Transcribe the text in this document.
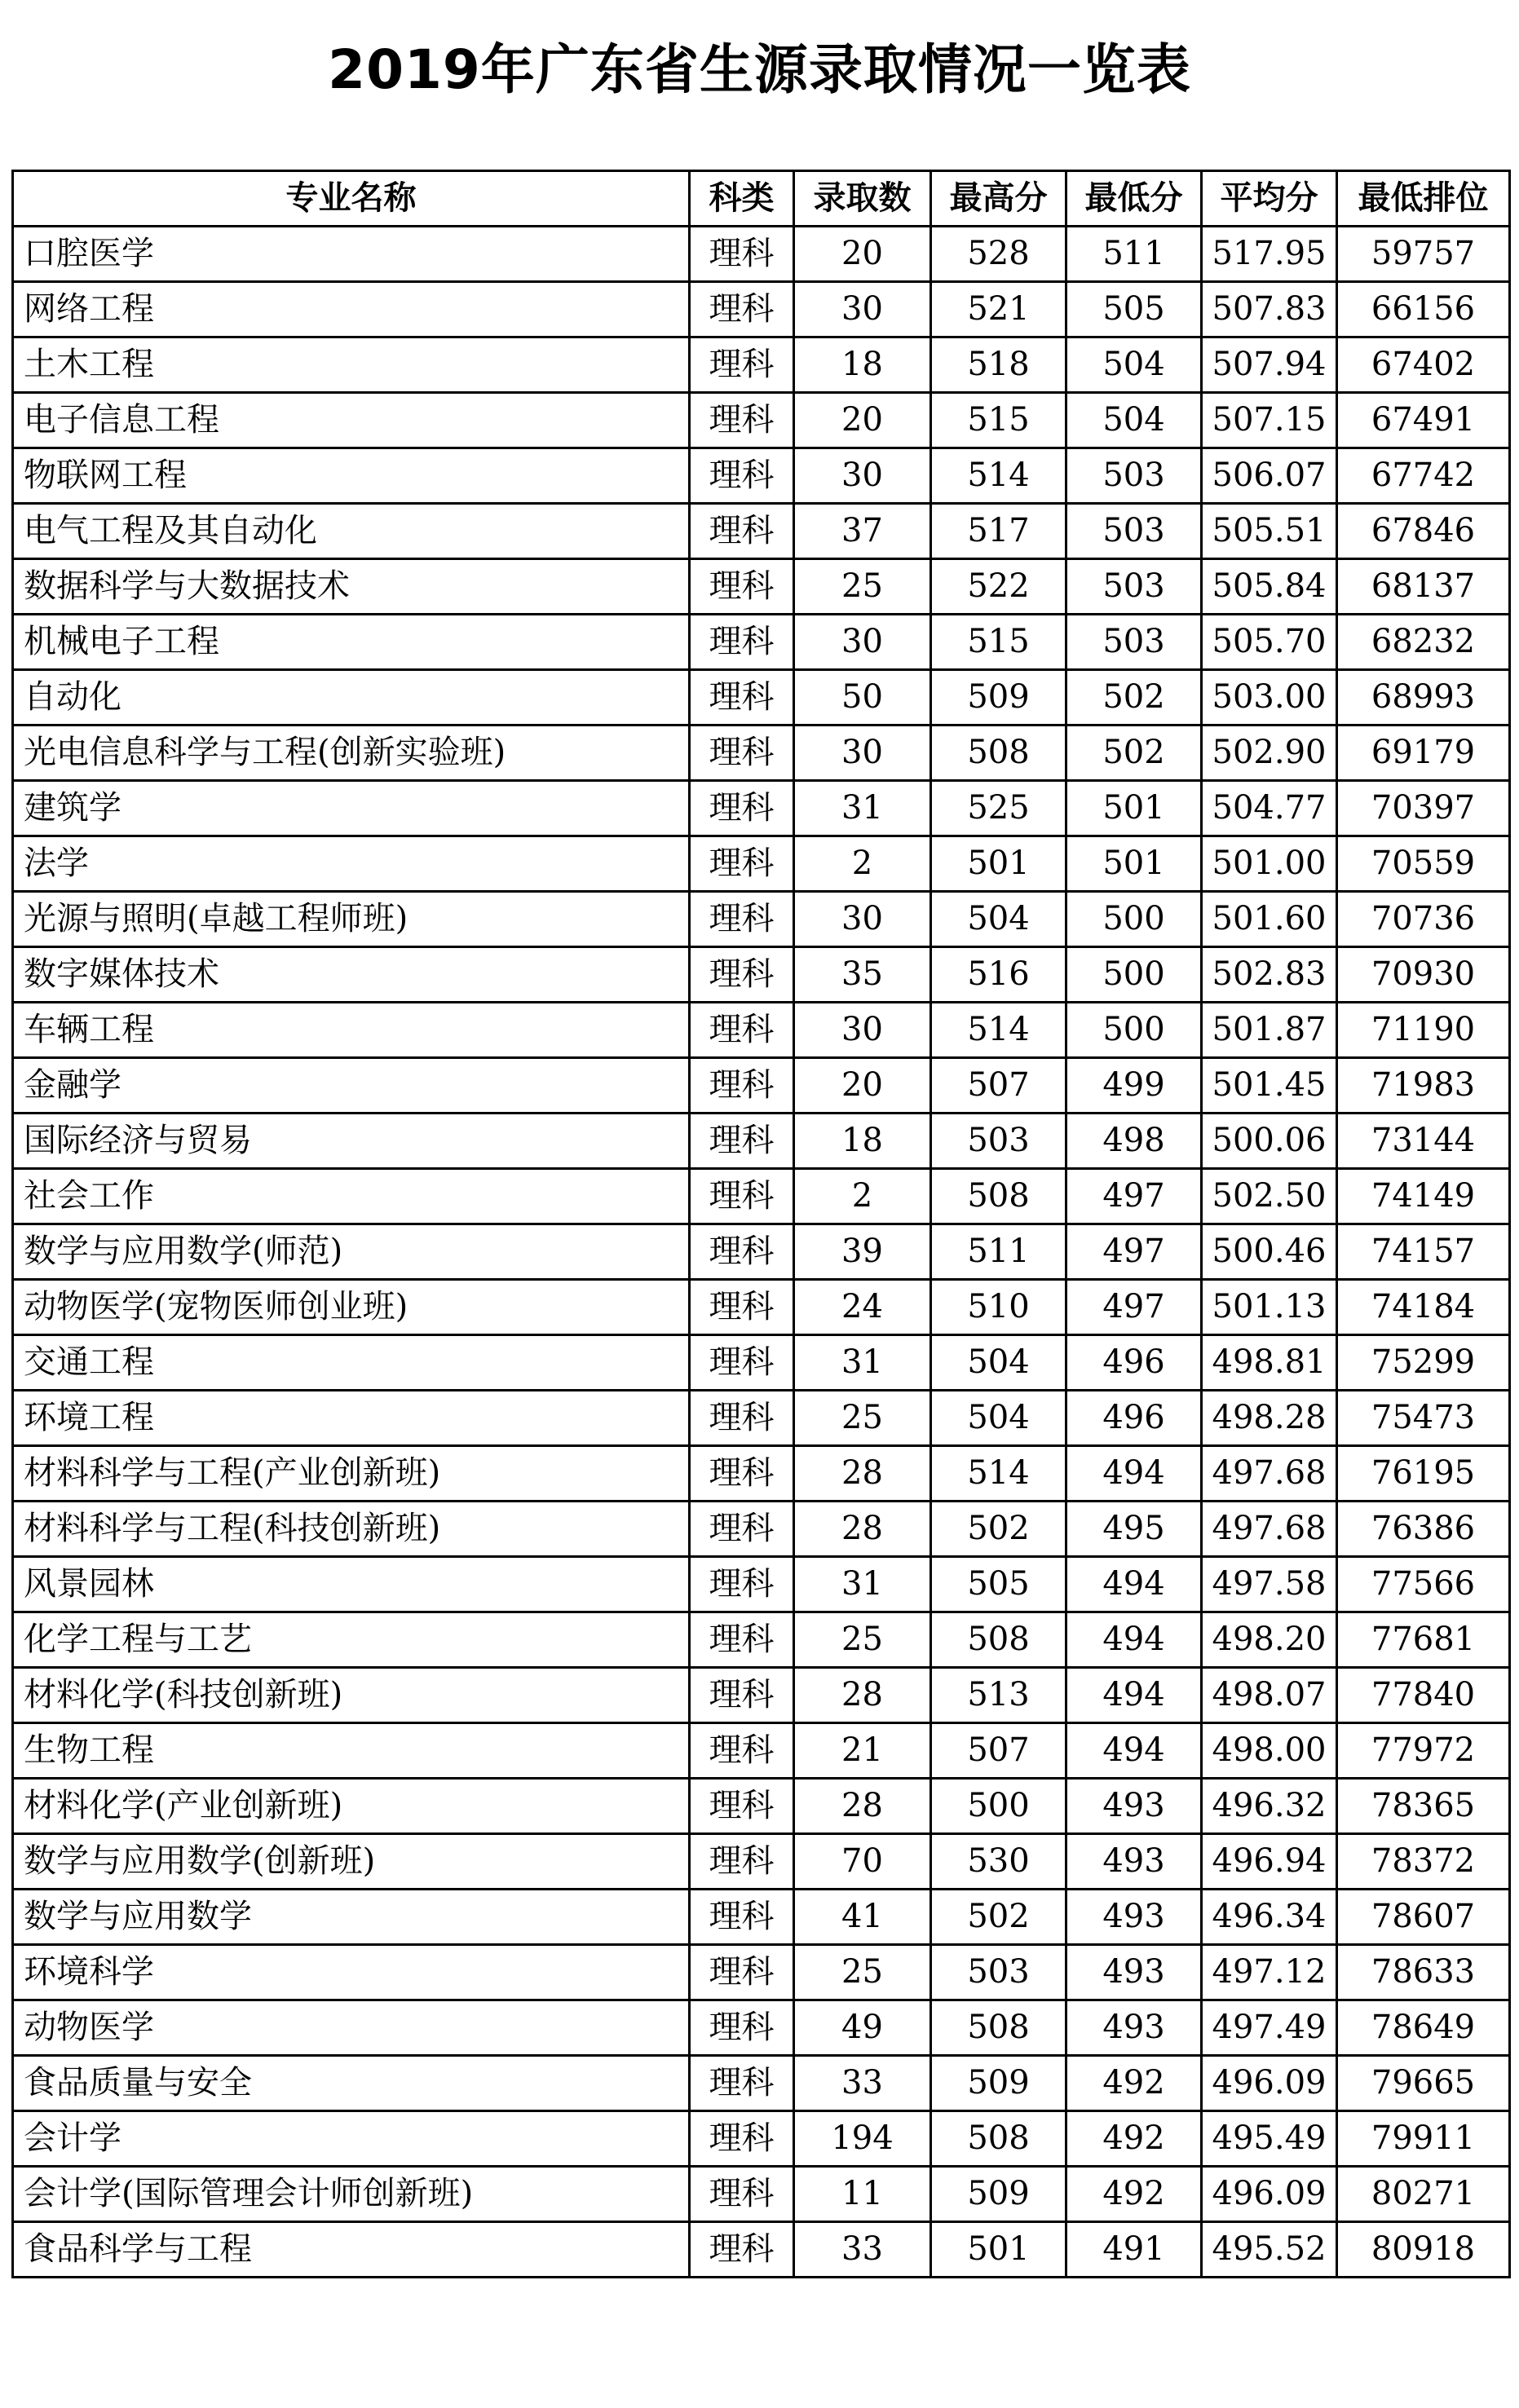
2019年广东省生源录取情况一览表
专业名称	科类	录取数	最高分	最低分	平均分	最低排位
口腔医学	理科	20	528	511	517.95	59757
网络工程	理科	30	521	505	507.83	66156
土木工程	理科	18	518	504	507.94	67402
电子信息工程	理科	20	515	504	507.15	67491
物联网工程	理科	30	514	503	506.07	67742
电气工程及其自动化	理科	37	517	503	505.51	67846
数据科学与大数据技术	理科	25	522	503	505.84	68137
机械电子工程	理科	30	515	503	505.70	68232
自动化	理科	50	509	502	503.00	68993
光电信息科学与工程(创新实验班)	理科	30	508	502	502.90	69179
建筑学	理科	31	525	501	504.77	70397
法学	理科	2	501	501	501.00	70559
光源与照明(卓越工程师班)	理科	30	504	500	501.60	70736
数字媒体技术	理科	35	516	500	502.83	70930
车辆工程	理科	30	514	500	501.87	71190
金融学	理科	20	507	499	501.45	71983
国际经济与贸易	理科	18	503	498	500.06	73144
社会工作	理科	2	508	497	502.50	74149
数学与应用数学(师范)	理科	39	511	497	500.46	74157
动物医学(宠物医师创业班)	理科	24	510	497	501.13	74184
交通工程	理科	31	504	496	498.81	75299
环境工程	理科	25	504	496	498.28	75473
材料科学与工程(产业创新班)	理科	28	514	494	497.68	76195
材料科学与工程(科技创新班)	理科	28	502	495	497.68	76386
风景园林	理科	31	505	494	497.58	77566
化学工程与工艺	理科	25	508	494	498.20	77681
材料化学(科技创新班)	理科	28	513	494	498.07	77840
生物工程	理科	21	507	494	498.00	77972
材料化学(产业创新班)	理科	28	500	493	496.32	78365
数学与应用数学(创新班)	理科	70	530	493	496.94	78372
数学与应用数学	理科	41	502	493	496.34	78607
环境科学	理科	25	503	493	497.12	78633
动物医学	理科	49	508	493	497.49	78649
食品质量与安全	理科	33	509	492	496.09	79665
会计学	理科	194	508	492	495.49	79911
会计学(国际管理会计师创新班)	理科	11	509	492	496.09	80271
食品科学与工程	理科	33	501	491	495.52	80918
